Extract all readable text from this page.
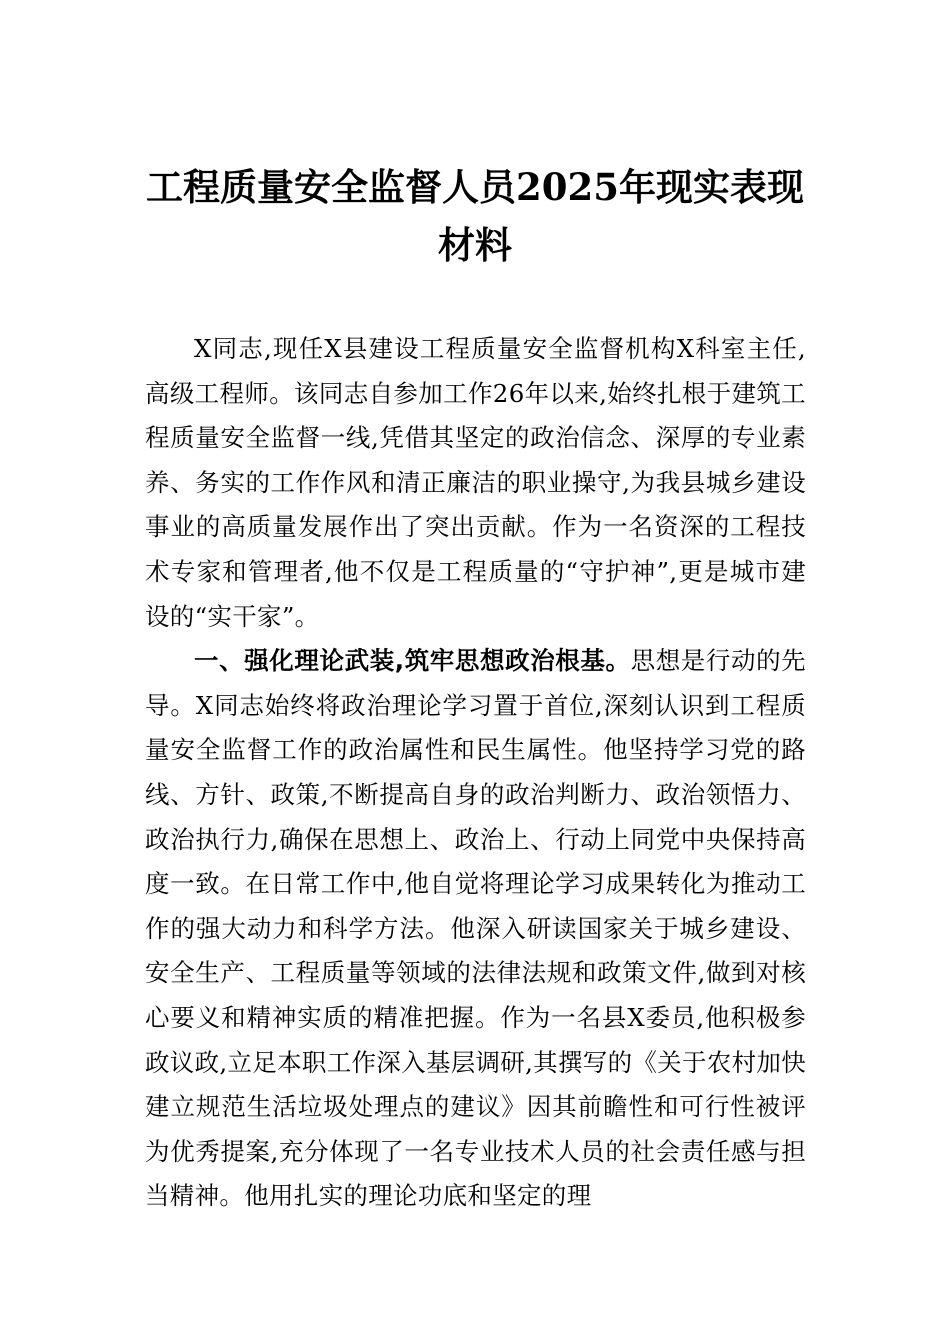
工程质量安全监督人员2025年现实表现材料

X同志,现任X县建设工程质量安全监督机构X科室主任,高级工程师。该同志自参加工作26年以来,始终扎根于建筑工程质量安全监督一线,凭借其坚定的政治信念、深厚的专业素养、务实的工作作风和清正廉洁的职业操守,为我县城乡建设事业的高质量发展作出了突出贡献。作为一名资深的工程技术专家和管理者,他不仅是工程质量的“守护神”,更是城市建设的“实干家”。

一、强化理论武装,筑牢思想政治根基。思想是行动的先导。X同志始终将政治理论学习置于首位,深刻认识到工程质量安全监督工作的政治属性和民生属性。他坚持学习党的路线、方针、政策,不断提高自身的政治判断力、政治领悟力、政治执行力,确保在思想上、政治上、行动上同党中央保持高度一致。在日常工作中,他自觉将理论学习成果转化为推动工作的强大动力和科学方法。他深入研读国家关于城乡建设、安全生产、工程质量等领域的法律法规和政策文件,做到对核心要义和精神实质的精准把握。作为一名县X委员,他积极参政议政,立足本职工作深入基层调研,其撰写的《关于农村加快建立规范生活垃圾处理点的建议》因其前瞻性和可行性被评为优秀提案,充分体现了一名专业技术人员的社会责任感与担当精神。他用扎实的理论功底和坚定的理
